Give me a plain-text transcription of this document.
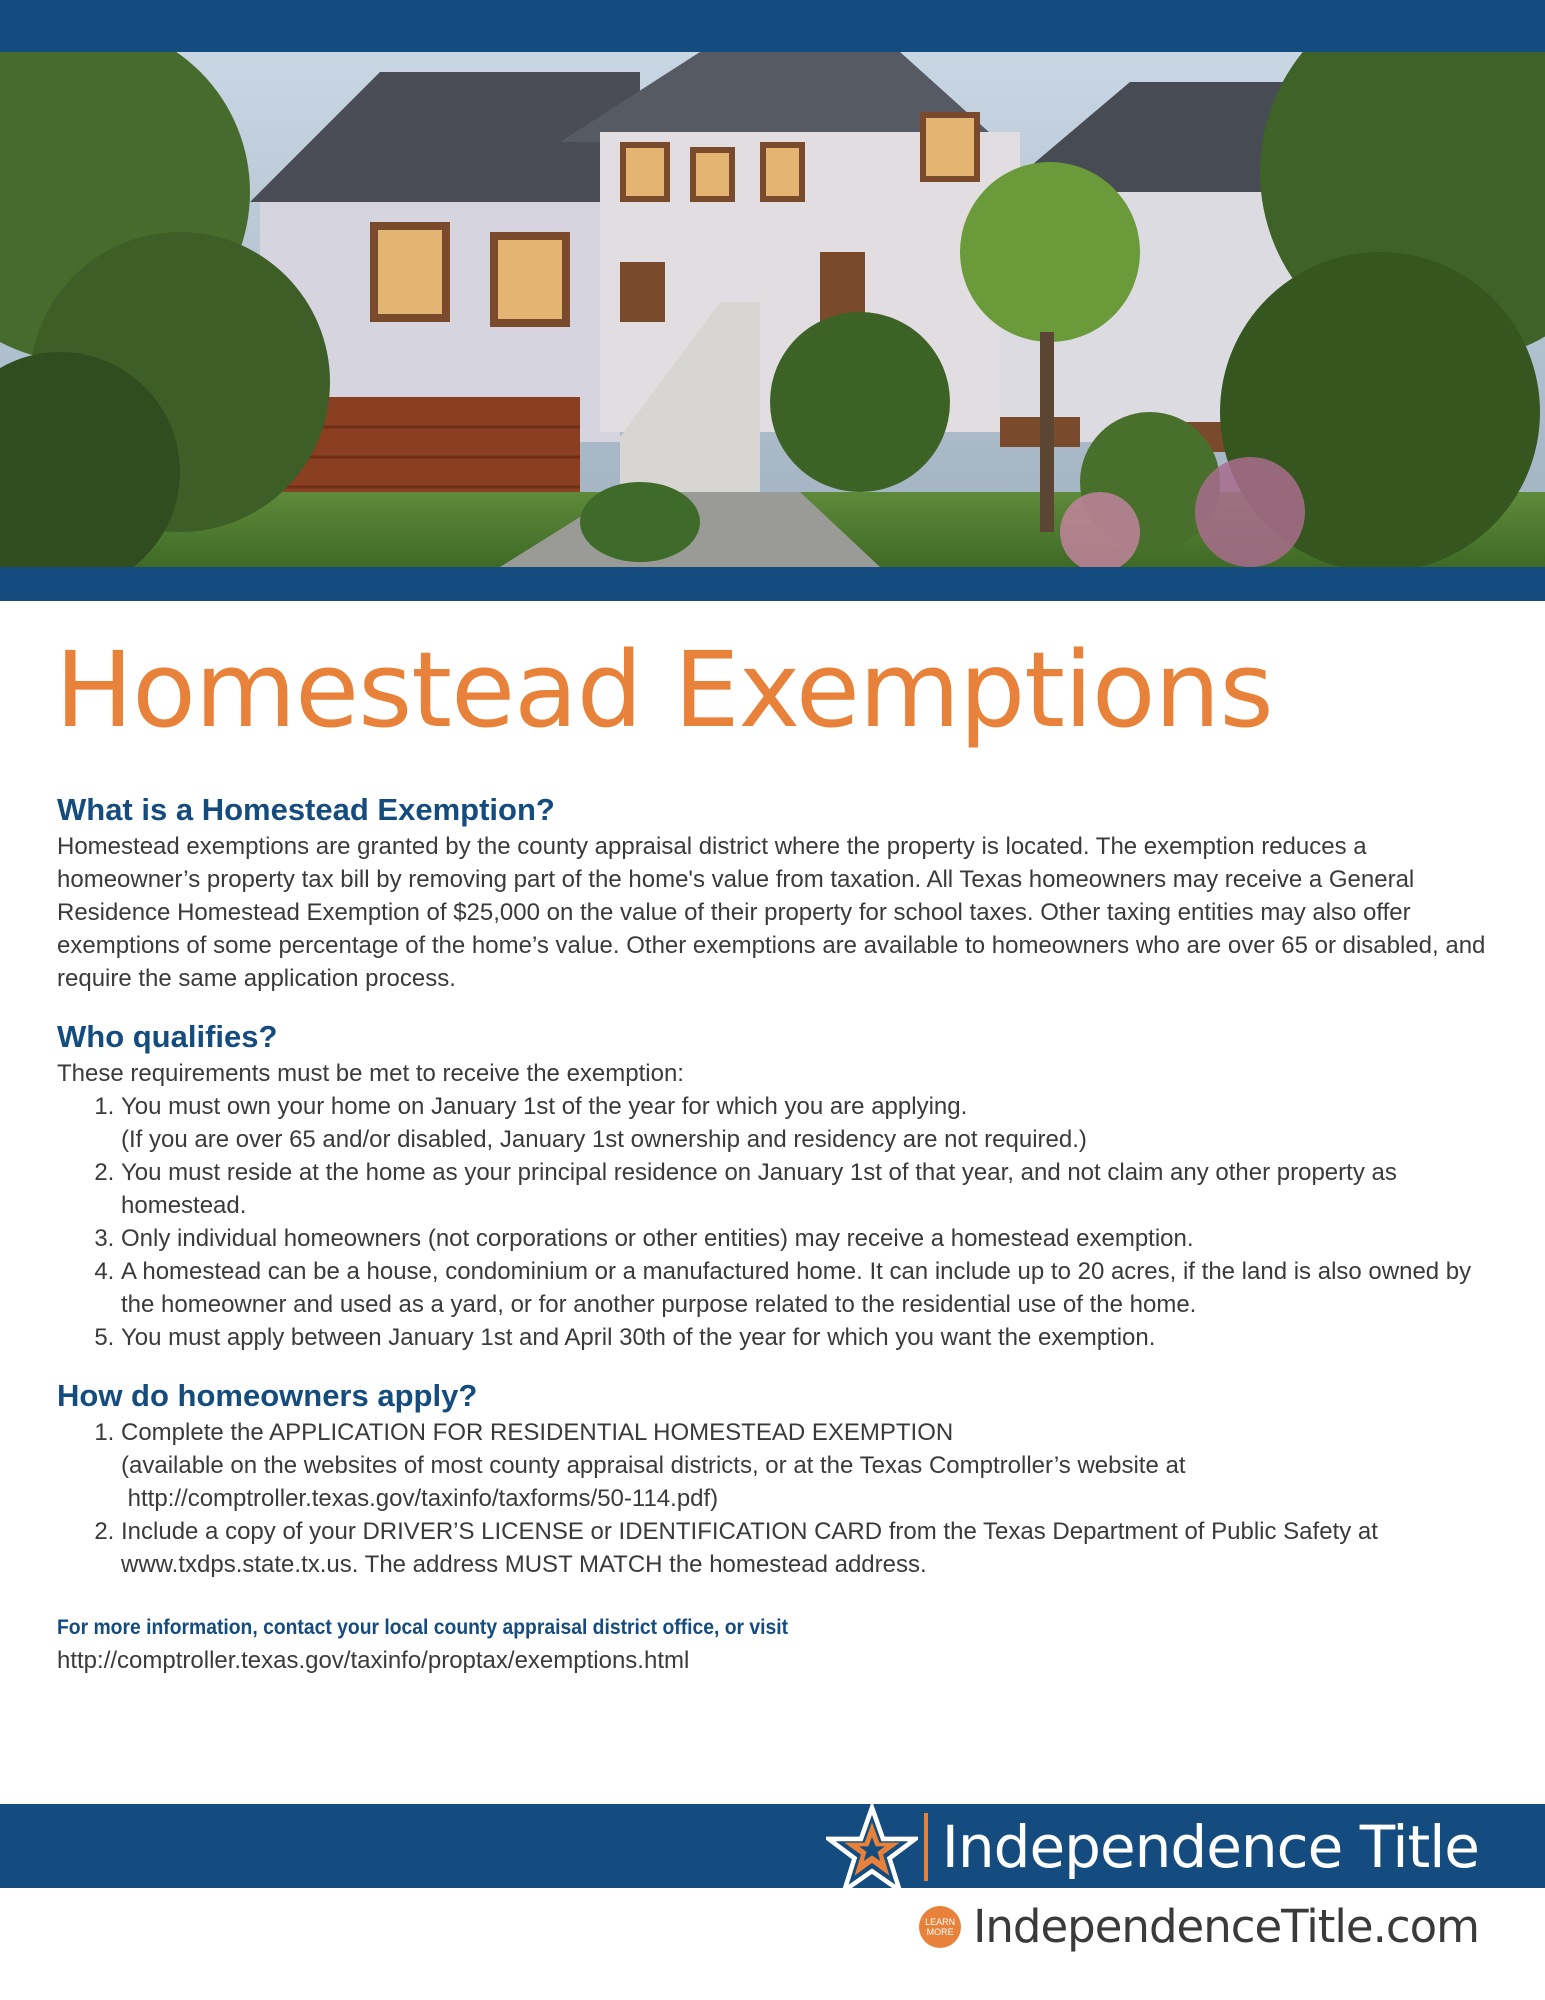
Homestead Exemptions
What is a Homestead Exemption?

Homestead exemptions are granted by the county appraisal district where the property is located. The exemption reduces a homeowner’s property tax bill by removing part of the home's value from taxation. All Texas homeowners may receive a General Residence Homestead Exemption of $25,000 on the value of their property for school taxes. Other taxing entities may also offer exemptions of some percentage of the home’s value. Other exemptions are available to homeowners who are over 65 or disabled, and require the same application process.

Who qualifies?

These requirements must be met to receive the exemption:

1. You must own your home on January 1st of the year for which you are applying.
(If you are over 65 and/or disabled, January 1st ownership and residency are not required.)
2. You must reside at the home as your principal residence on January 1st of that year, and not claim any other property as homestead.
3. Only individual homeowners (not corporations or other entities) may receive a homestead exemption.
4. A homestead can be a house, condominium or a manufactured home. It can include up to 20 acres, if the land is also owned by the homeowner and used as a yard, or for another purpose related to the residential use of the home.
5. You must apply between January 1st and April 30th of the year for which you want the exemption.
How do homeowners apply?
1. Complete the APPLICATION FOR RESIDENTIAL HOMESTEAD EXEMPTION
(available on the websites of most county appraisal districts, or at the Texas Comptroller’s website at
http://comptroller.texas.gov/taxinfo/taxforms/50-114.pdf)
2. Include a copy of your DRIVER’S LICENSE or IDENTIFICATION CARD from the Texas Department of Public Safety at www.txdps.state.tx.us. The address MUST MATCH the homestead address.

For more information, contact your local county appraisal district office, or visit

http://comptroller.texas.gov/taxinfo/proptax/exemptions.html

Independence Title
LEARN
MORE IndependenceTitle.com
